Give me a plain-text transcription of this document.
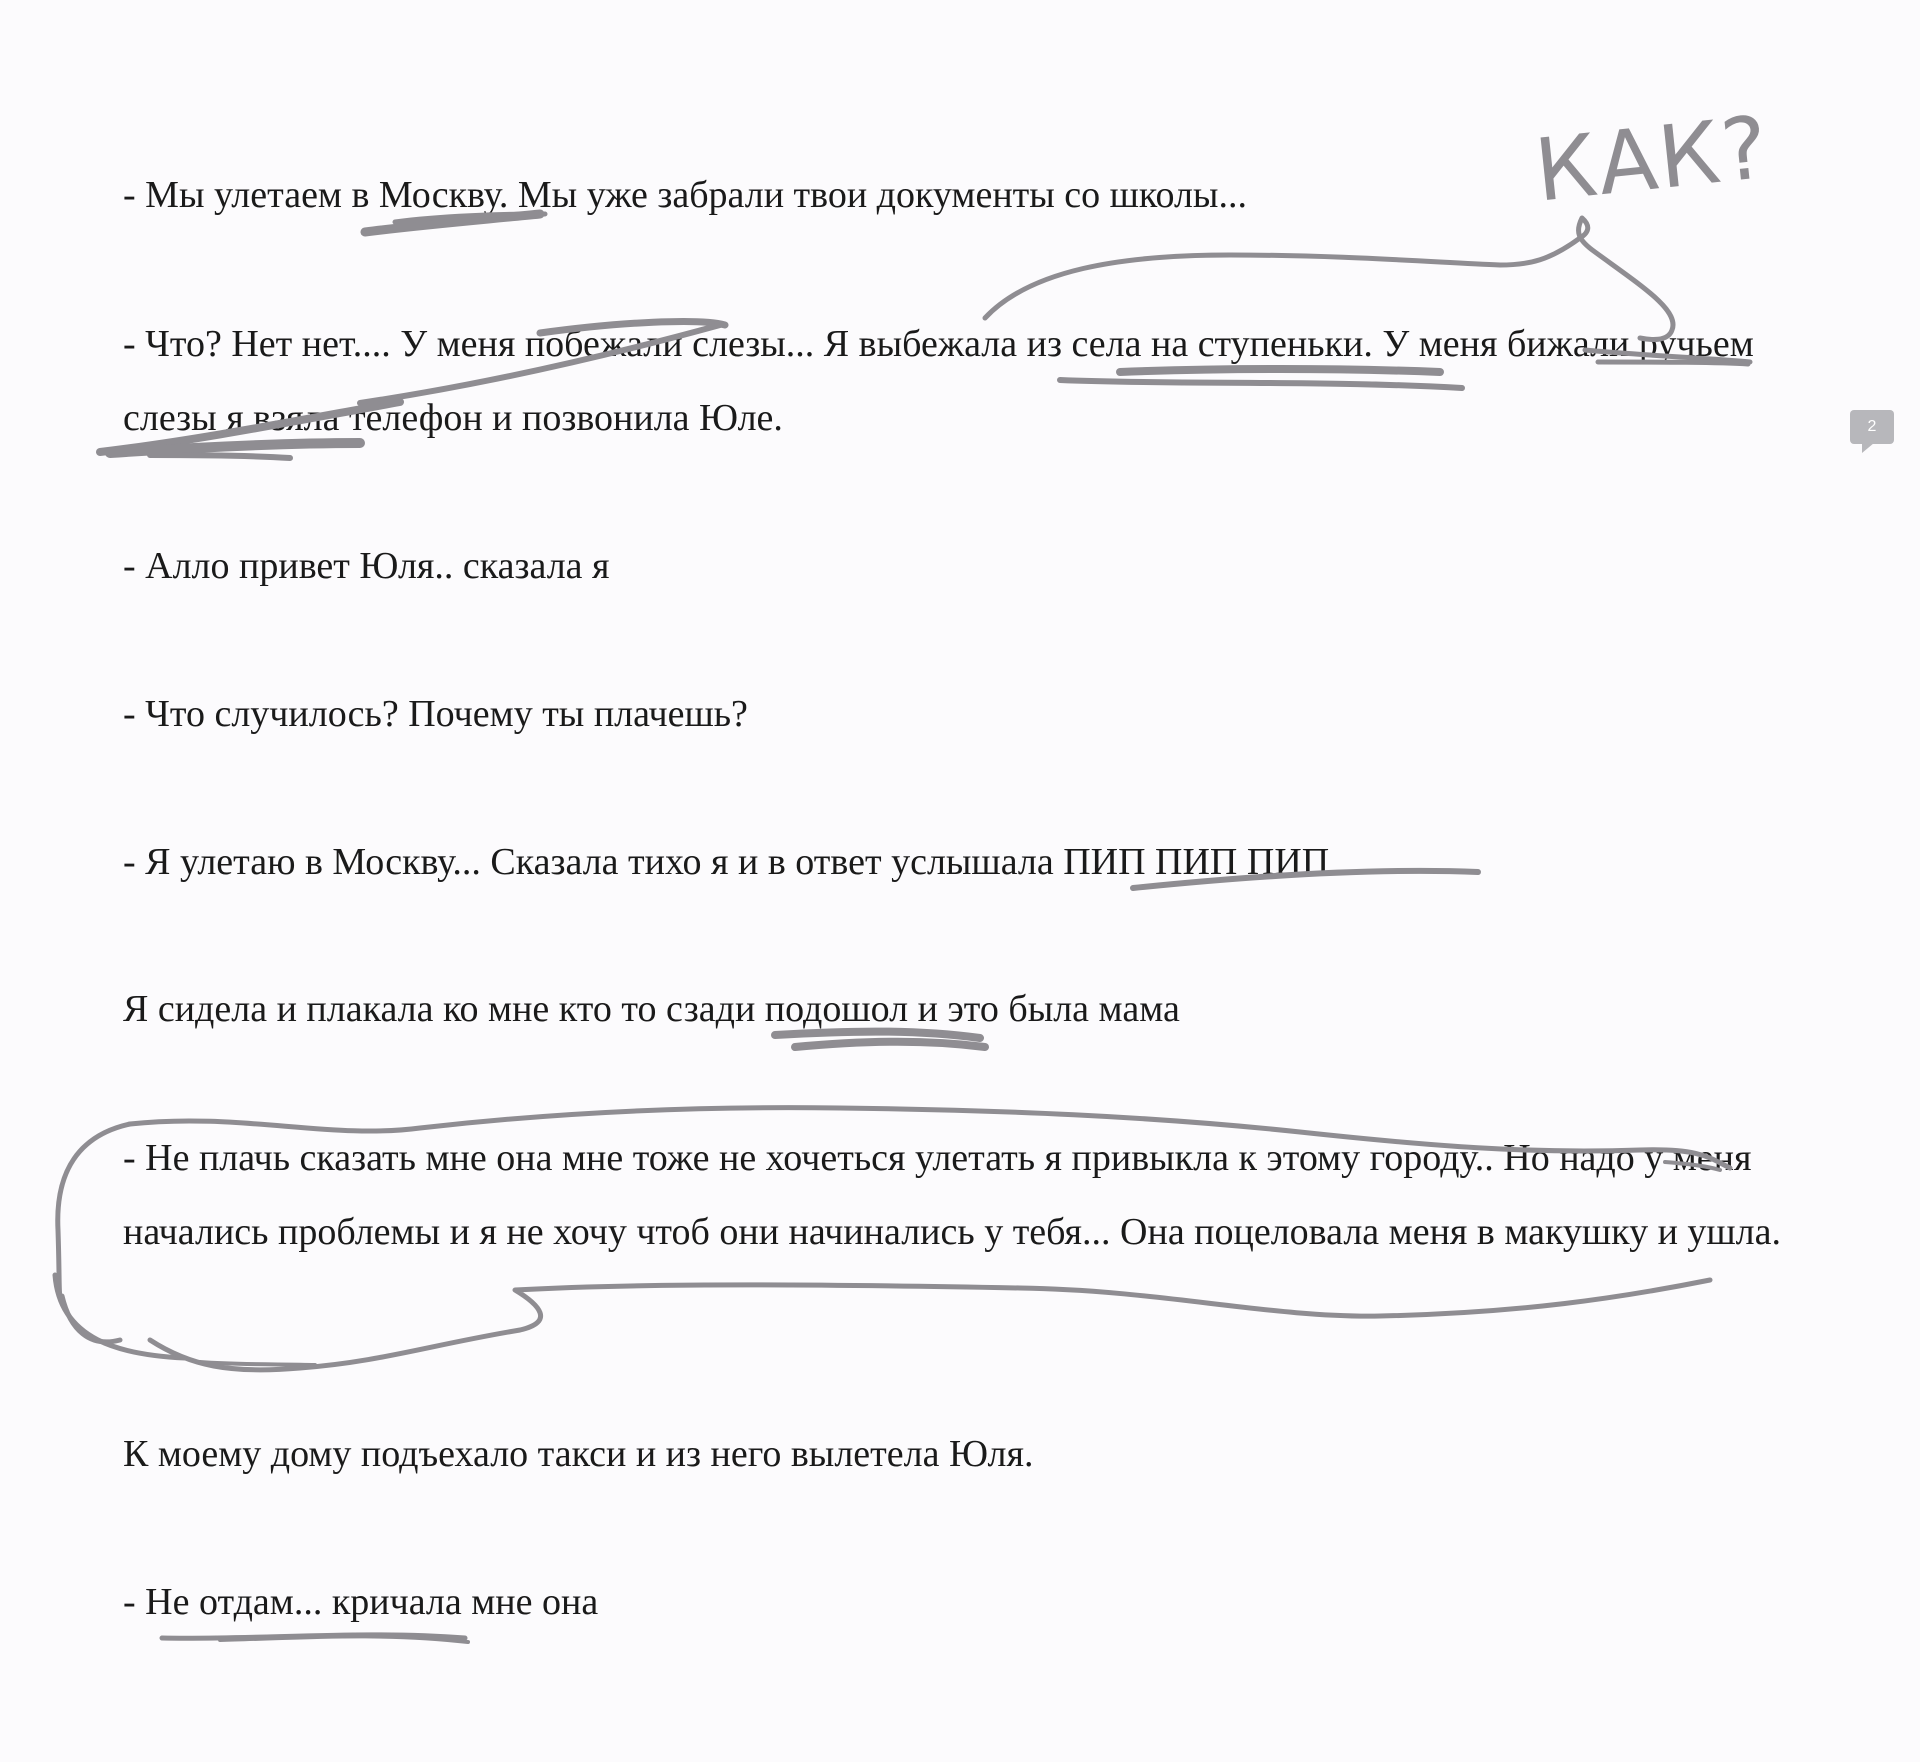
- Мы улетаем в Москву. Мы уже забрали твои документы со школы...

- Что? Нет нет.... У меня побежали слезы... Я выбежала из села на ступеньки. У меня бижали ручьем слезы я взяла телефон и позвонила Юле.

- Алло привет Юля.. сказала я

- Что случилось? Почему ты плачешь?

- Я улетаю в Москву... Сказала тихо я и в ответ услышала ПИП ПИП ПИП

Я сидела и плакала ко мне кто то сзади подошол и это была мама

- Не плачь сказать мне она мне тоже не хочеться улетать я привыкла к этому городу.. Но надо у меня начались проблемы и я не хочу чтоб они начинались у тебя... Она поцеловала меня в макушку и ушла.

К моему дому подъехало такси и из него вылетела Юля.

- Не отдам... кричала мне она

2
КАК?
